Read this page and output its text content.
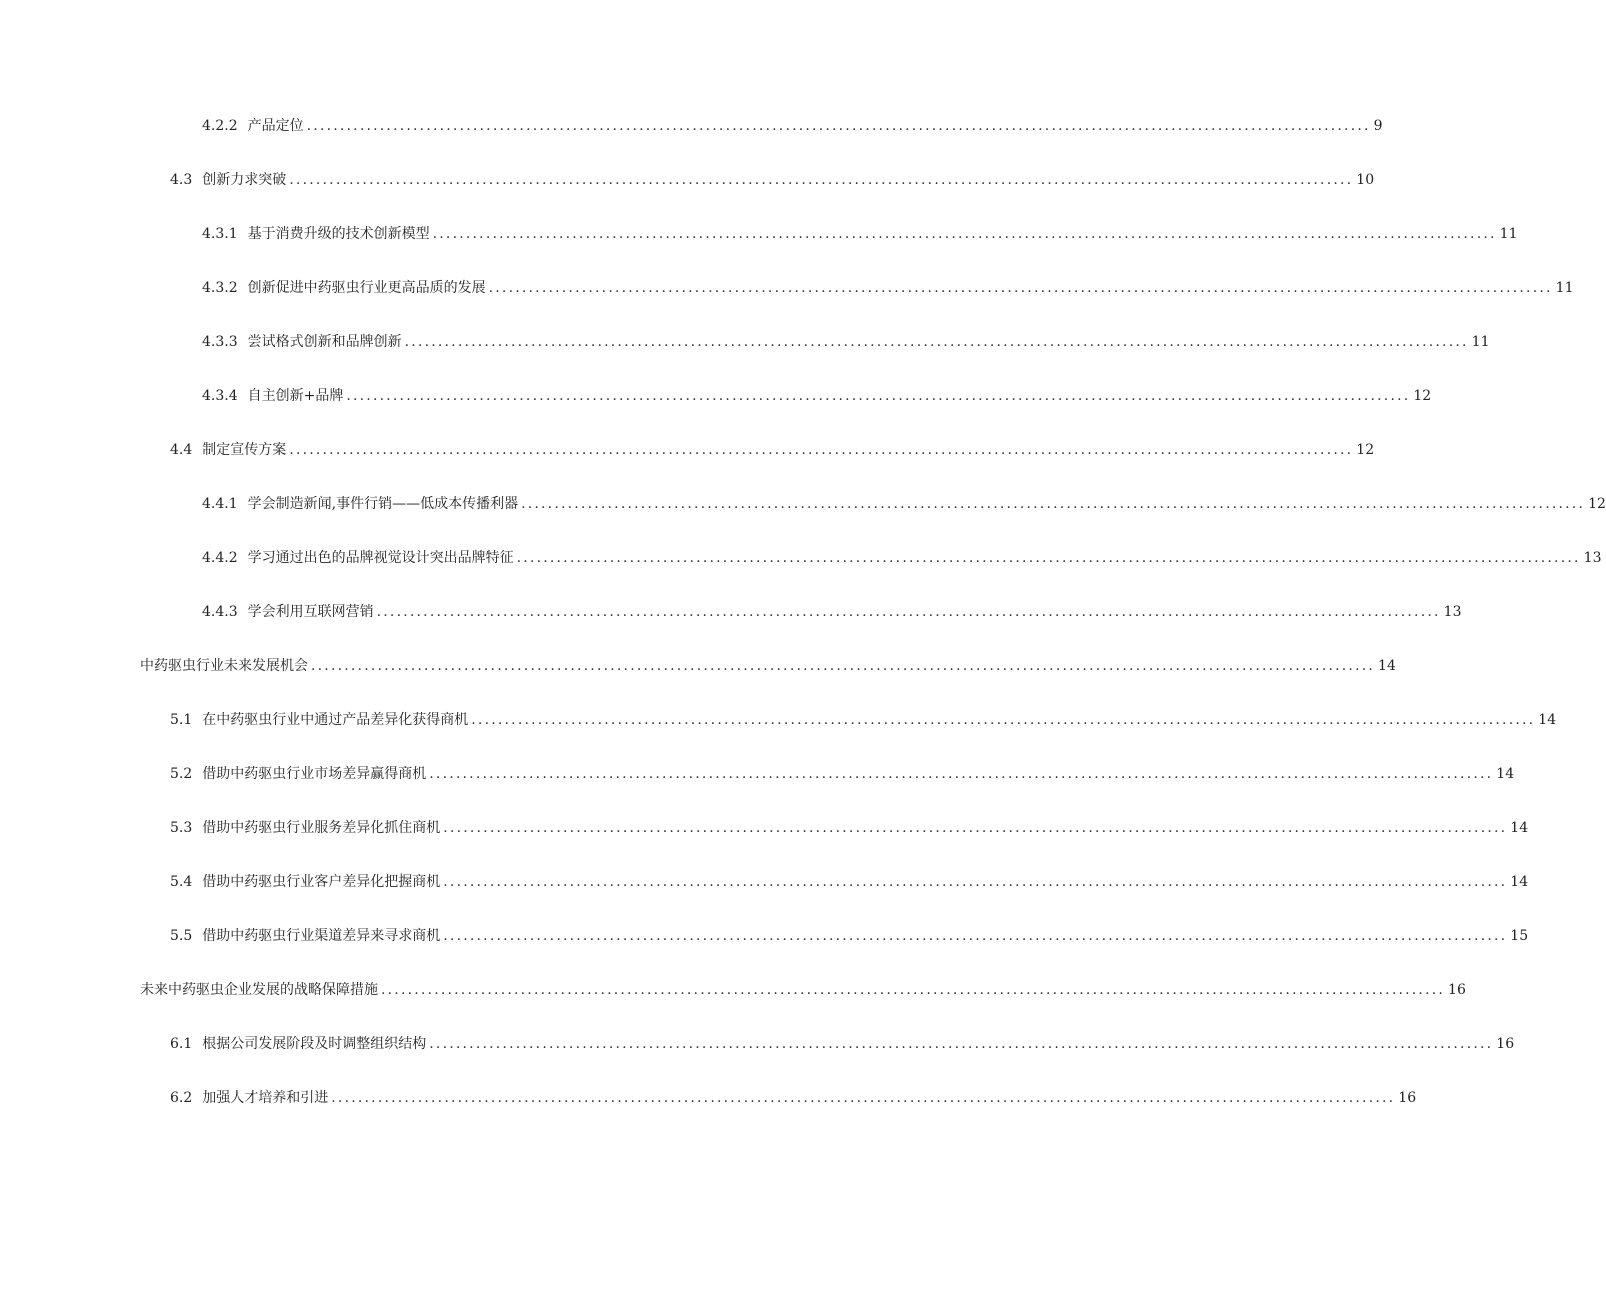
4.2.2 产品定位 ................................................................................................................................................................ 9
4.3 创新力求突破 ................................................................................................................................................................ 10
4.3.1 基于消费升级的技术创新模型 ................................................................................................................................................................ 11
4.3.2 创新促进中药驱虫行业更高品质的发展 ................................................................................................................................................................ 11
4.3.3 尝试格式创新和品牌创新 ................................................................................................................................................................ 11
4.3.4 自主创新+品牌 ................................................................................................................................................................ 12
4.4 制定宣传方案 ................................................................................................................................................................ 12
4.4.1 学会制造新闻,事件行销——低成本传播利器 ................................................................................................................................................................ 12
4.4.2 学习通过出色的品牌视觉设计突出品牌特征 ................................................................................................................................................................ 13
4.4.3 学会利用互联网营销 ................................................................................................................................................................ 13
中药驱虫行业未来发展机会 ................................................................................................................................................................ 14
5.1 在中药驱虫行业中通过产品差异化获得商机 ................................................................................................................................................................ 14
5.2 借助中药驱虫行业市场差异赢得商机 ................................................................................................................................................................ 14
5.3 借助中药驱虫行业服务差异化抓住商机 ................................................................................................................................................................ 14
5.4 借助中药驱虫行业客户差异化把握商机 ................................................................................................................................................................ 14
5.5 借助中药驱虫行业渠道差异来寻求商机 ................................................................................................................................................................ 15
未来中药驱虫企业发展的战略保障措施 ................................................................................................................................................................ 16
6.1 根据公司发展阶段及时调整组织结构 ................................................................................................................................................................ 16
6.2 加强人才培养和引进 ................................................................................................................................................................ 16
